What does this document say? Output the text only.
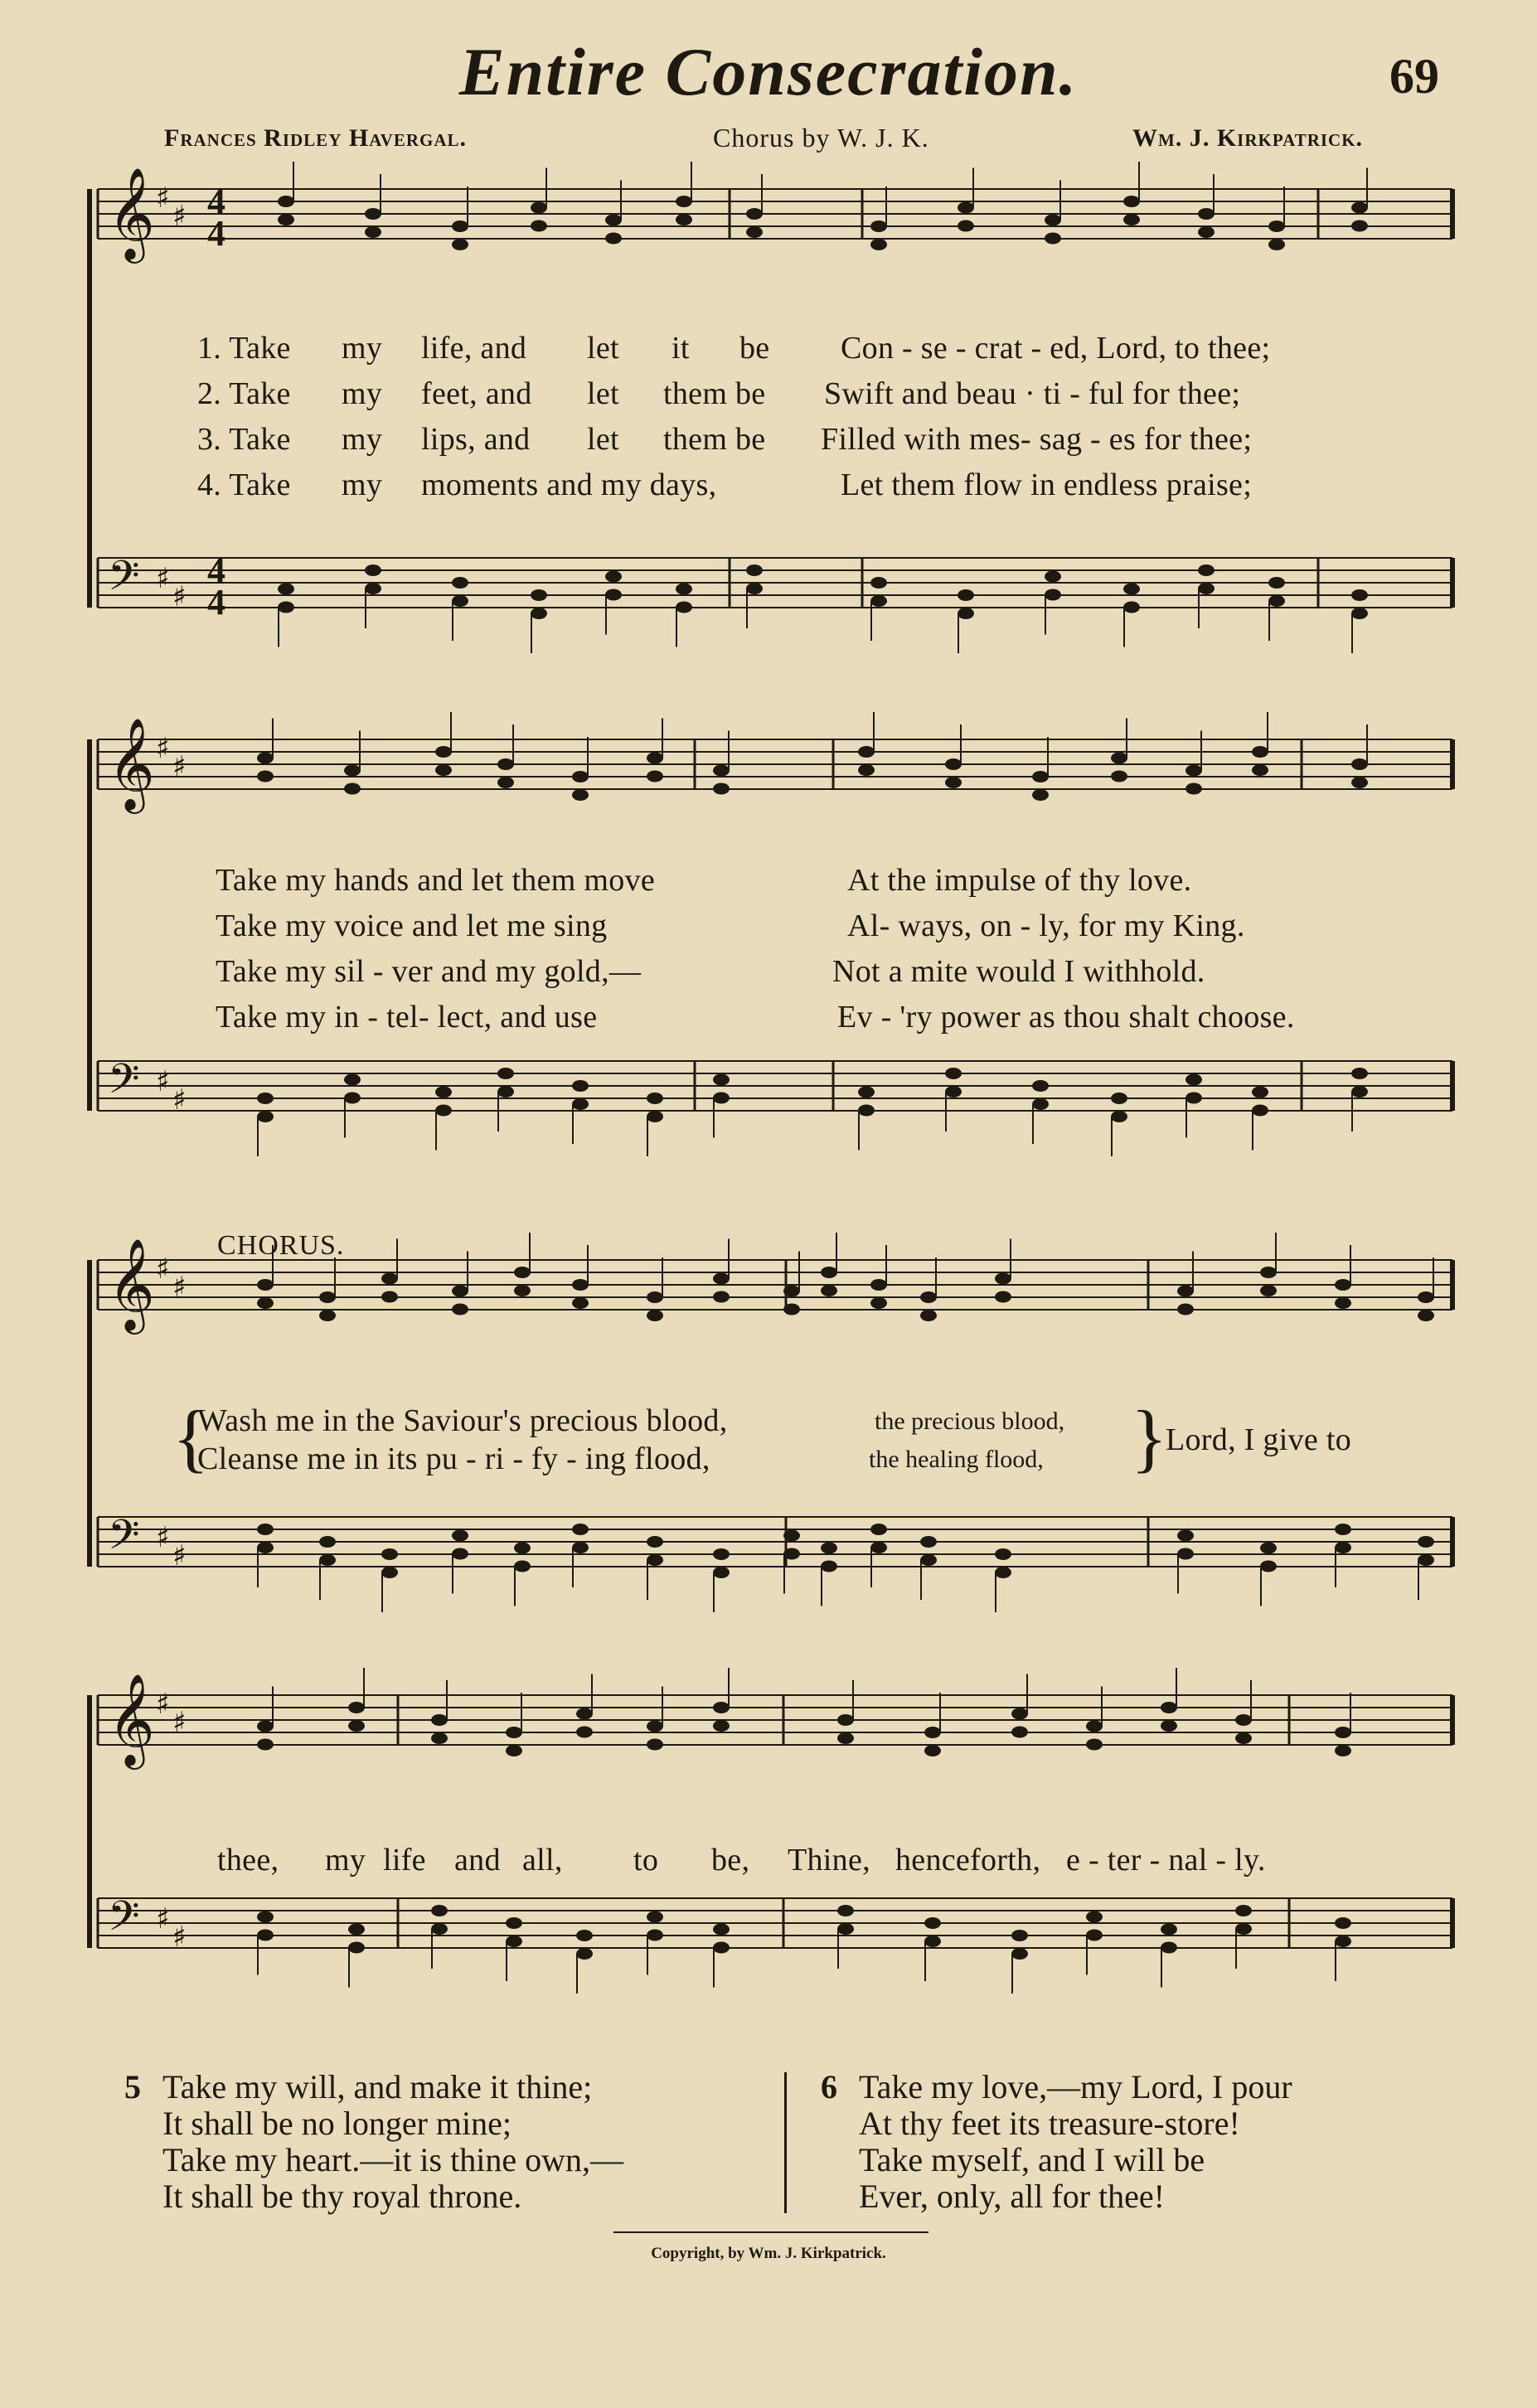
Entire Consecration.	69
Frances Ridley Havergal.	Chorus by W. J. K.	Wm. J. Kirkpatrick.
𝄞 ♯
♯
𝄢 ♯
♯
𝄞 ♯
♯
𝄢 ♯
♯
𝄞 ♯
♯
𝄢 ♯
♯
𝄞 ♯
♯
𝄢 ♯
♯
4
4
4
4
1. Take my life, and let it be Con - se - crat - ed, Lord, to thee;
2. Take my feet, and let them be Swift and beau · ti - ful for thee;
3. Take my lips, and let them be Filled with mes- sag - es for thee;
4. Take my moments and my days,	Let them flow in endless praise;
Take my hands and let them move	At the impulse of thy love.
Take my voice and let me sing	Al- ways, on - ly, for my King.
Take my sil - ver and my gold,—	Not a mite would I withhold.
Take my in - tel- lect, and use	Ev - 'ry power as thou shalt choose.
CHORUS.
{
Wash me in the Saviour's precious blood,	the precious blood,
Cleanse me in its pu - ri - fy - ing flood,	the healing flood, }
Lord, I give to
thee, my life and all, to be, Thine, henceforth, e - ter - nal - ly.
5 Take my will, and make it thine;
It shall be no longer mine;
Take my heart.—it is thine own,—
It shall be thy royal throne.
6 Take my love,—my Lord, I pour
At thy feet its treasure-store!
Take myself, and I will be
Ever, only, all for thee!
Copyright, by Wm. J. Kirkpatrick.
